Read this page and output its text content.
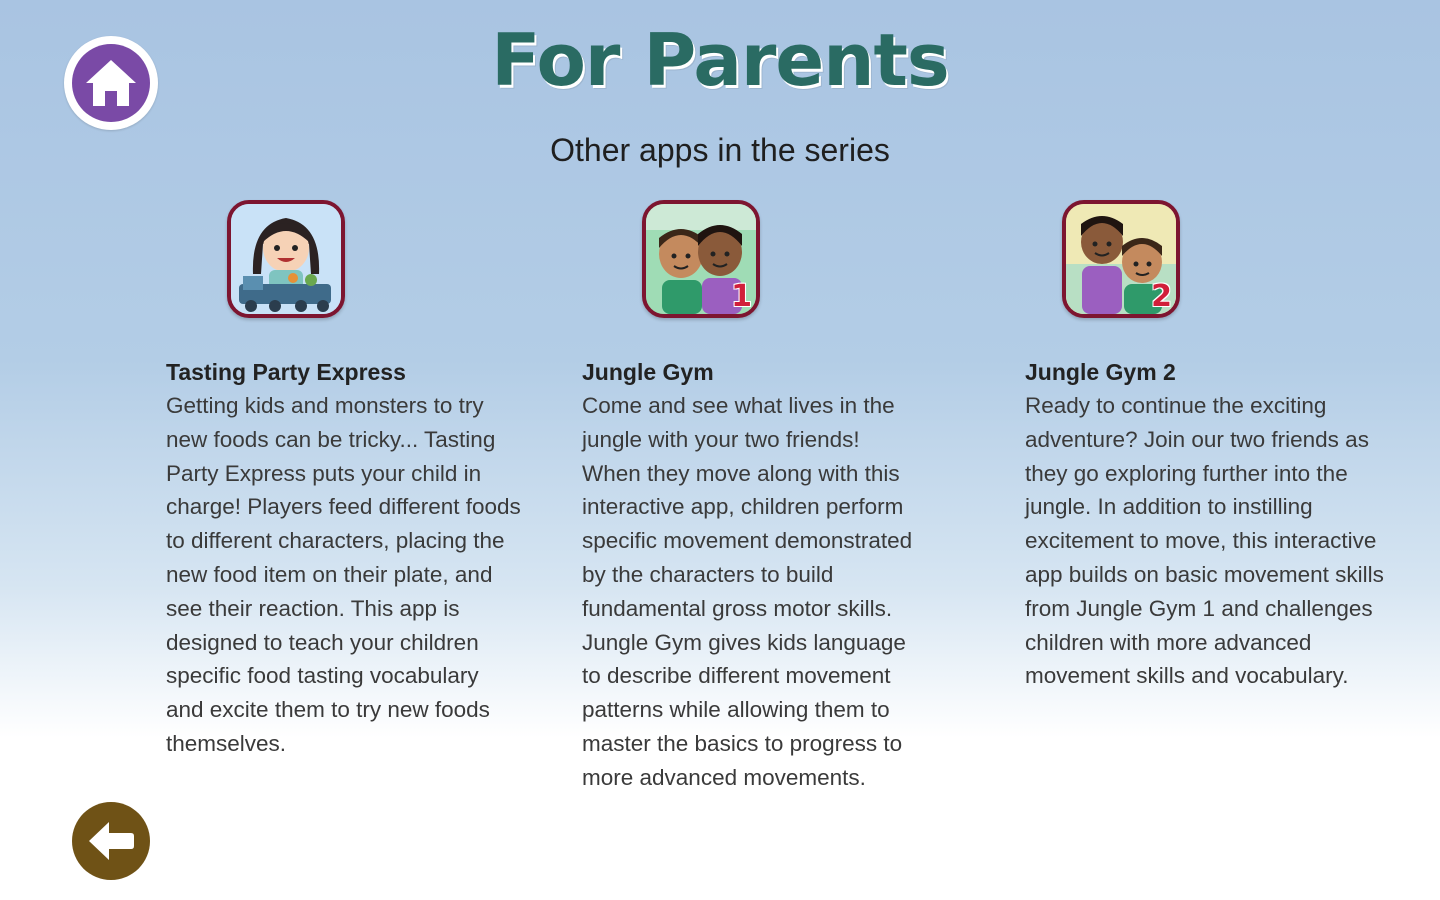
For Parents
Other apps in the series
Tasting Party Express
Getting kids and monsters to try new foods can be tricky... Tasting Party Express puts your child in charge! Players feed different foods to different characters, placing the new food item on their plate, and see their reaction. This app is designed to teach your children specific food tasting vocabulary and excite them to try new foods themselves.
1
Jungle Gym
Come and see what lives in the jungle with your two friends! When they move along with this interactive app, children perform specific movement demonstrated by the characters to build fundamental gross motor skills. Jungle Gym gives kids language to describe different movement patterns while allowing them to master the basics to progress to more advanced movements.
2
Jungle Gym 2
Ready to continue the exciting adventure? Join our two friends as they go exploring further into the jungle. In addition to instilling excitement to move, this interactive app builds on basic movement skills from Jungle Gym 1 and challenges children with more advanced movement skills and vocabulary.
